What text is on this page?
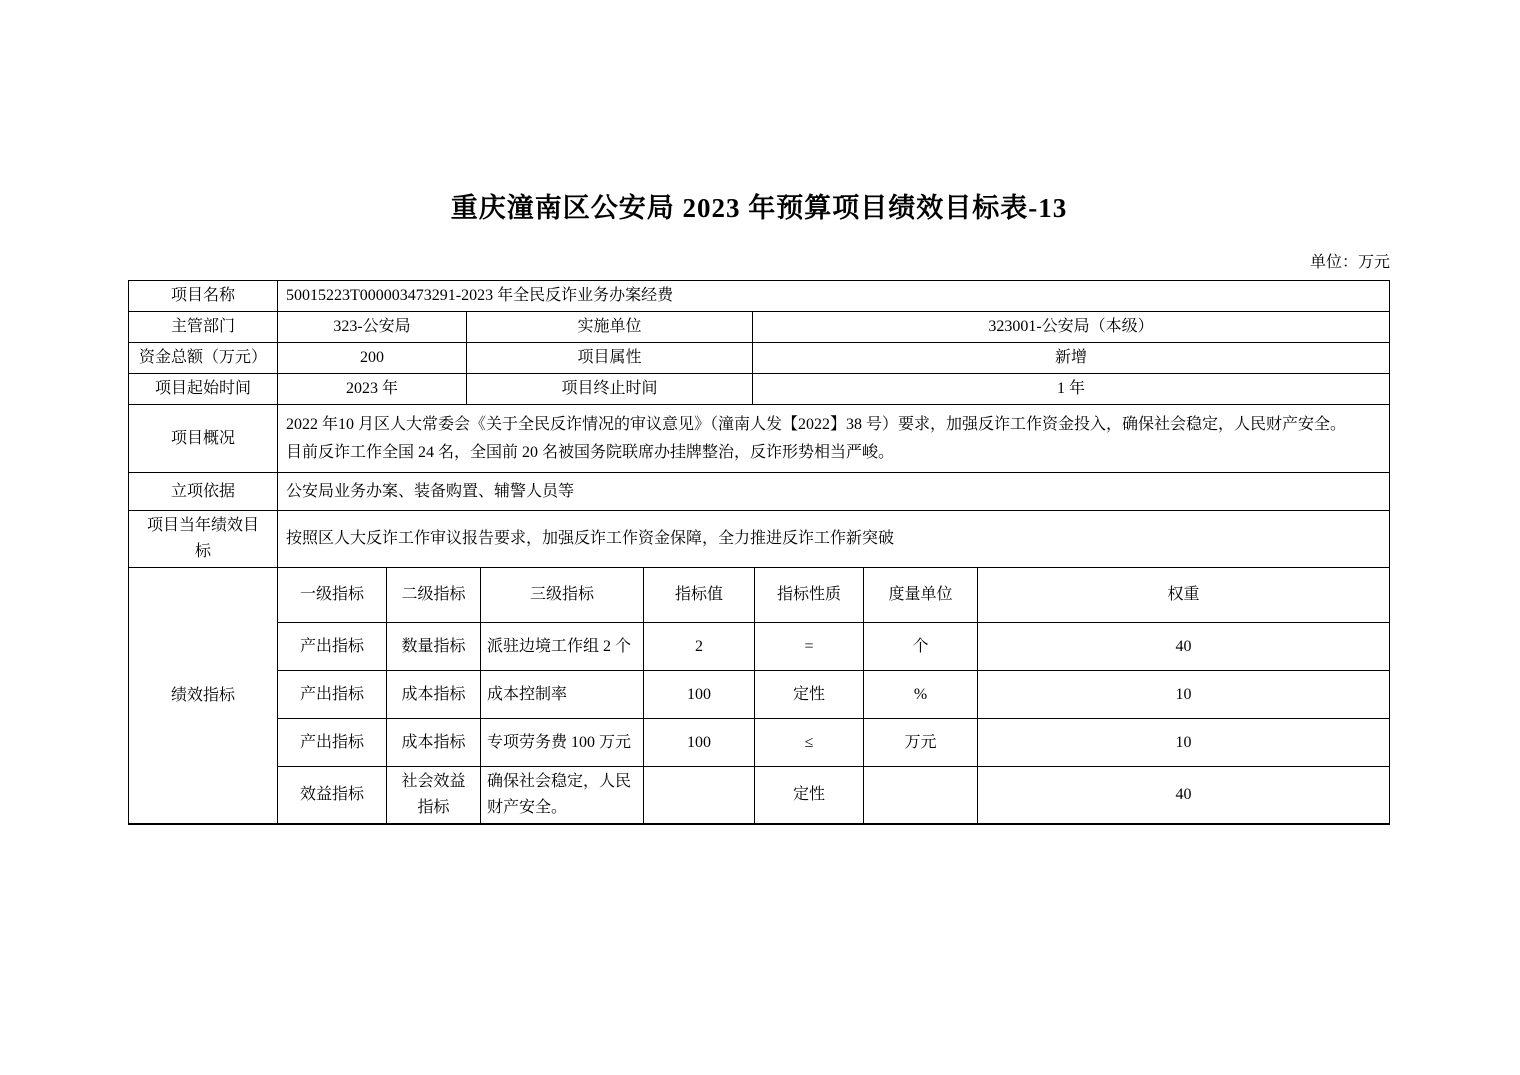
重庆潼南区公安局 2023 年预算项目绩效目标表-13
单位：万元
项目名称	50015223T000003473291-2023 年全民反诈业务办案经费		
主管部门	323-公安局	实施单位	323001-公安局（本级）
资金总额（万元）	200	项目属性	新增
项目起始时间	2023 年	项目终止时间	1 年
项目概况	2022 年10 月区人大常委会《关于全民反诈情况的审议意见》（潼南人发【2022】38 号）要求，加强反诈工作资金投入，确保社会稳定，人民财产安全。
目前反诈工作全国 24 名，全国前 20 名被国务院联席办挂牌整治，反诈形势相当严峻。		

立项依据	公安局业务办案、装备购置、辅警人员等		
项目当年绩效目标	按照区人大反诈工作审议报告要求，加强反诈工作资金保障，全力推进反诈工作新突破		
绩效指标	一级指标	二级指标	三级指标	指标值	指标性质	度量单位	权重
	产出指标	数量指标	派驻边境工作组 2 个	2	=	个	40
	产出指标	成本指标	成本控制率	100	定性	%	10
	产出指标	成本指标	专项劳务费 100 万元	100	≤	万元	10
	效益指标	社会效益指标	确保社会稳定，人民财产安全。		定性		40
